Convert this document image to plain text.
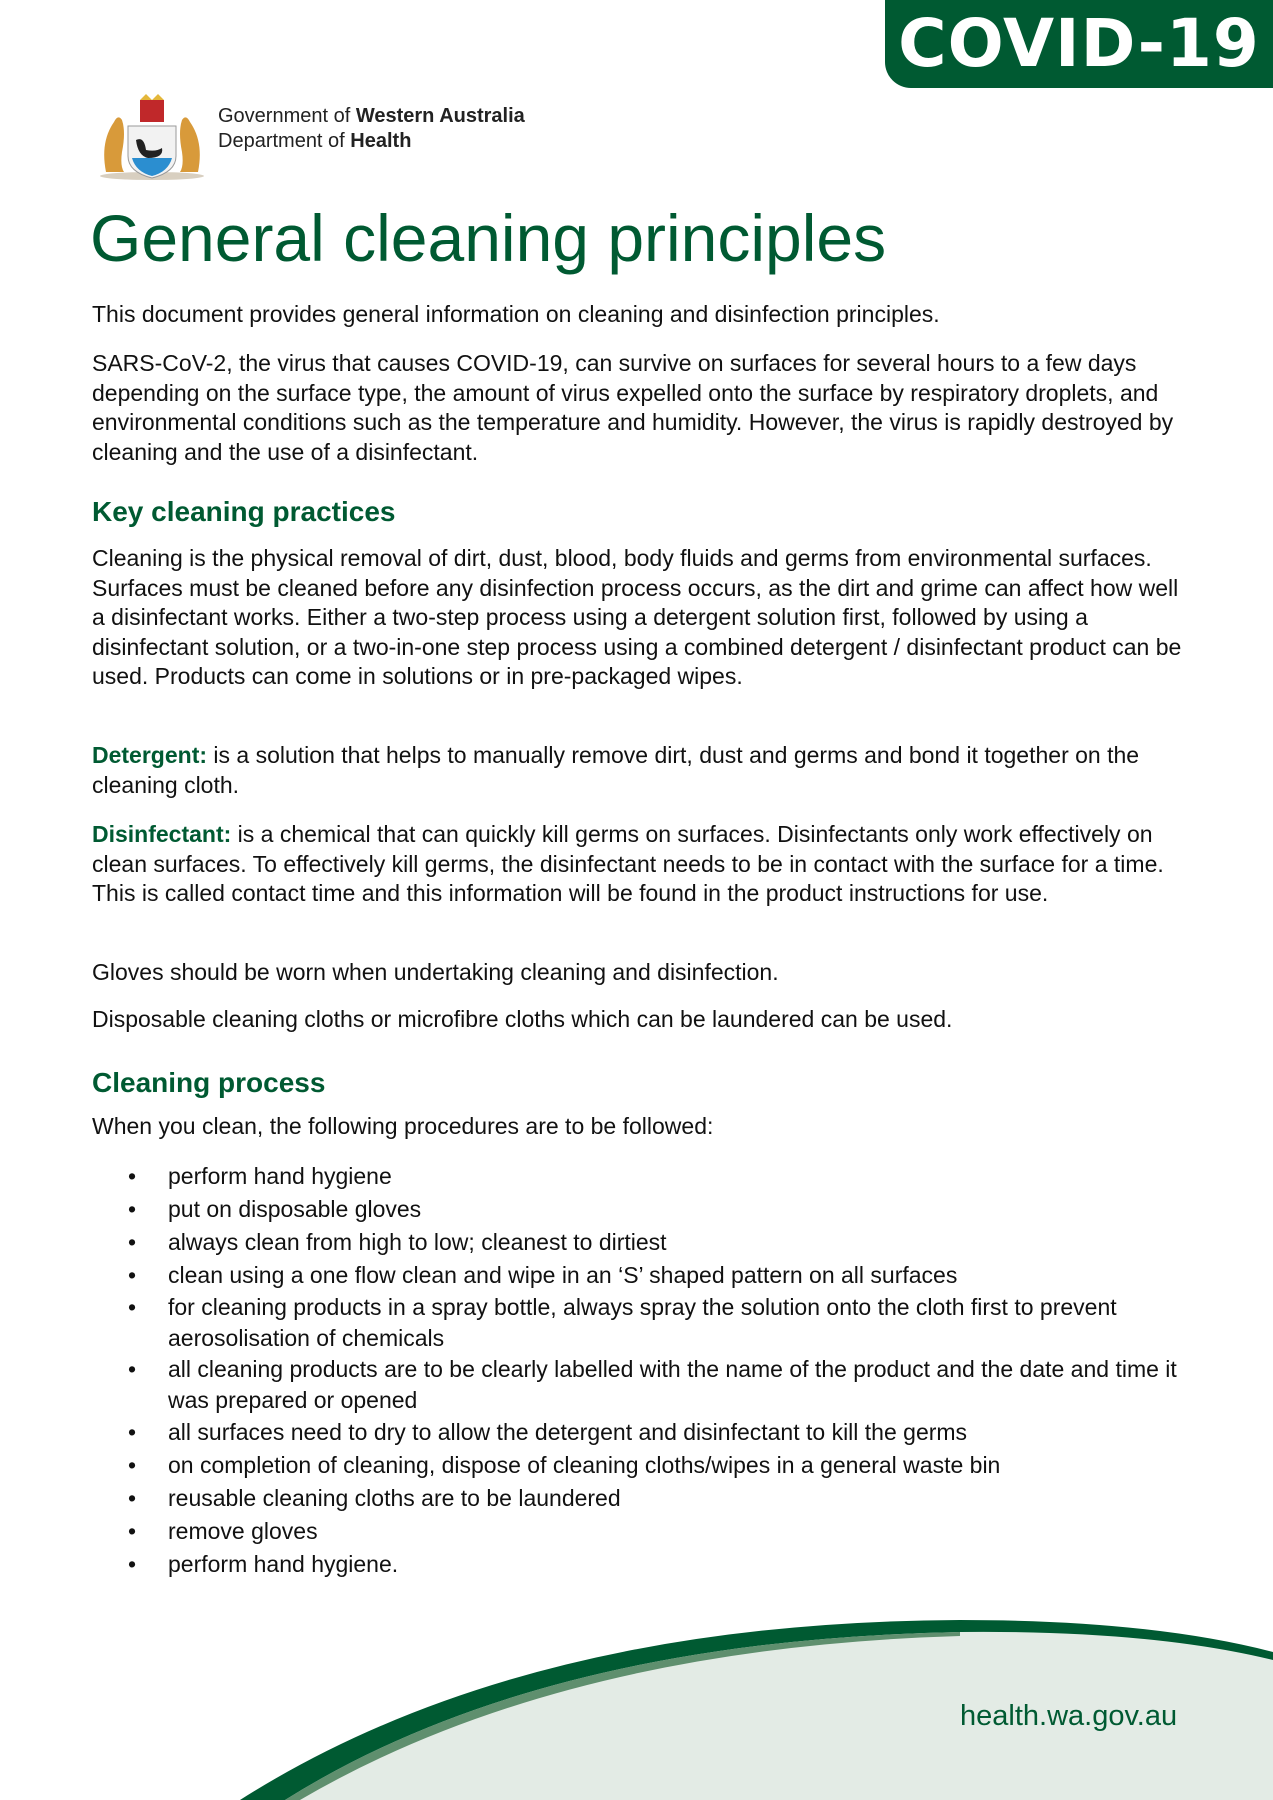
COVID-19
Government of Western Australia
Department of Health
General cleaning principles

This document provides general information on cleaning and disinfection principles.

SARS-CoV-2, the virus that causes COVID-19, can survive on surfaces for several hours to a few days depending on the surface type, the amount of virus expelled onto the surface by respiratory droplets, and environmental conditions such as the temperature and humidity. However, the virus is rapidly destroyed by cleaning and the use of a disinfectant.

Key cleaning practices

Cleaning is the physical removal of dirt, dust, blood, body fluids and germs from environmental surfaces. Surfaces must be cleaned before any disinfection process occurs, as the dirt and grime can affect how well a disinfectant works. Either a two-step process using a detergent solution first, followed by using a disinfectant solution, or a two-in-one step process using a combined detergent / disinfectant product can be used. Products can come in solutions or in pre-packaged wipes.

Detergent: is a solution that helps to manually remove dirt, dust and germs and bond it together on the cleaning cloth.

Disinfectant: is a chemical that can quickly kill germs on surfaces. Disinfectants only work effectively on clean surfaces. To effectively kill germs, the disinfectant needs to be in contact with the surface for a time. This is called contact time and this information will be found in the product instructions for use.

Gloves should be worn when undertaking cleaning and disinfection.

Disposable cleaning cloths or microfibre cloths which can be laundered can be used.

Cleaning process

When you clean, the following procedures are to be followed:

• perform hand hygiene
• put on disposable gloves
• always clean from high to low; cleanest to dirtiest
• clean using a one flow clean and wipe in an ‘S’ shaped pattern on all surfaces
• for cleaning products in a spray bottle, always spray the solution onto the cloth first to prevent aerosolisation of chemicals
• all cleaning products are to be clearly labelled with the name of the product and the date and time it was prepared or opened
• all surfaces need to dry to allow the detergent and disinfectant to kill the germs
• on completion of cleaning, dispose of cleaning cloths/wipes in a general waste bin
• reusable cleaning cloths are to be laundered
• remove gloves
• perform hand hygiene.
health.wa.gov.au
